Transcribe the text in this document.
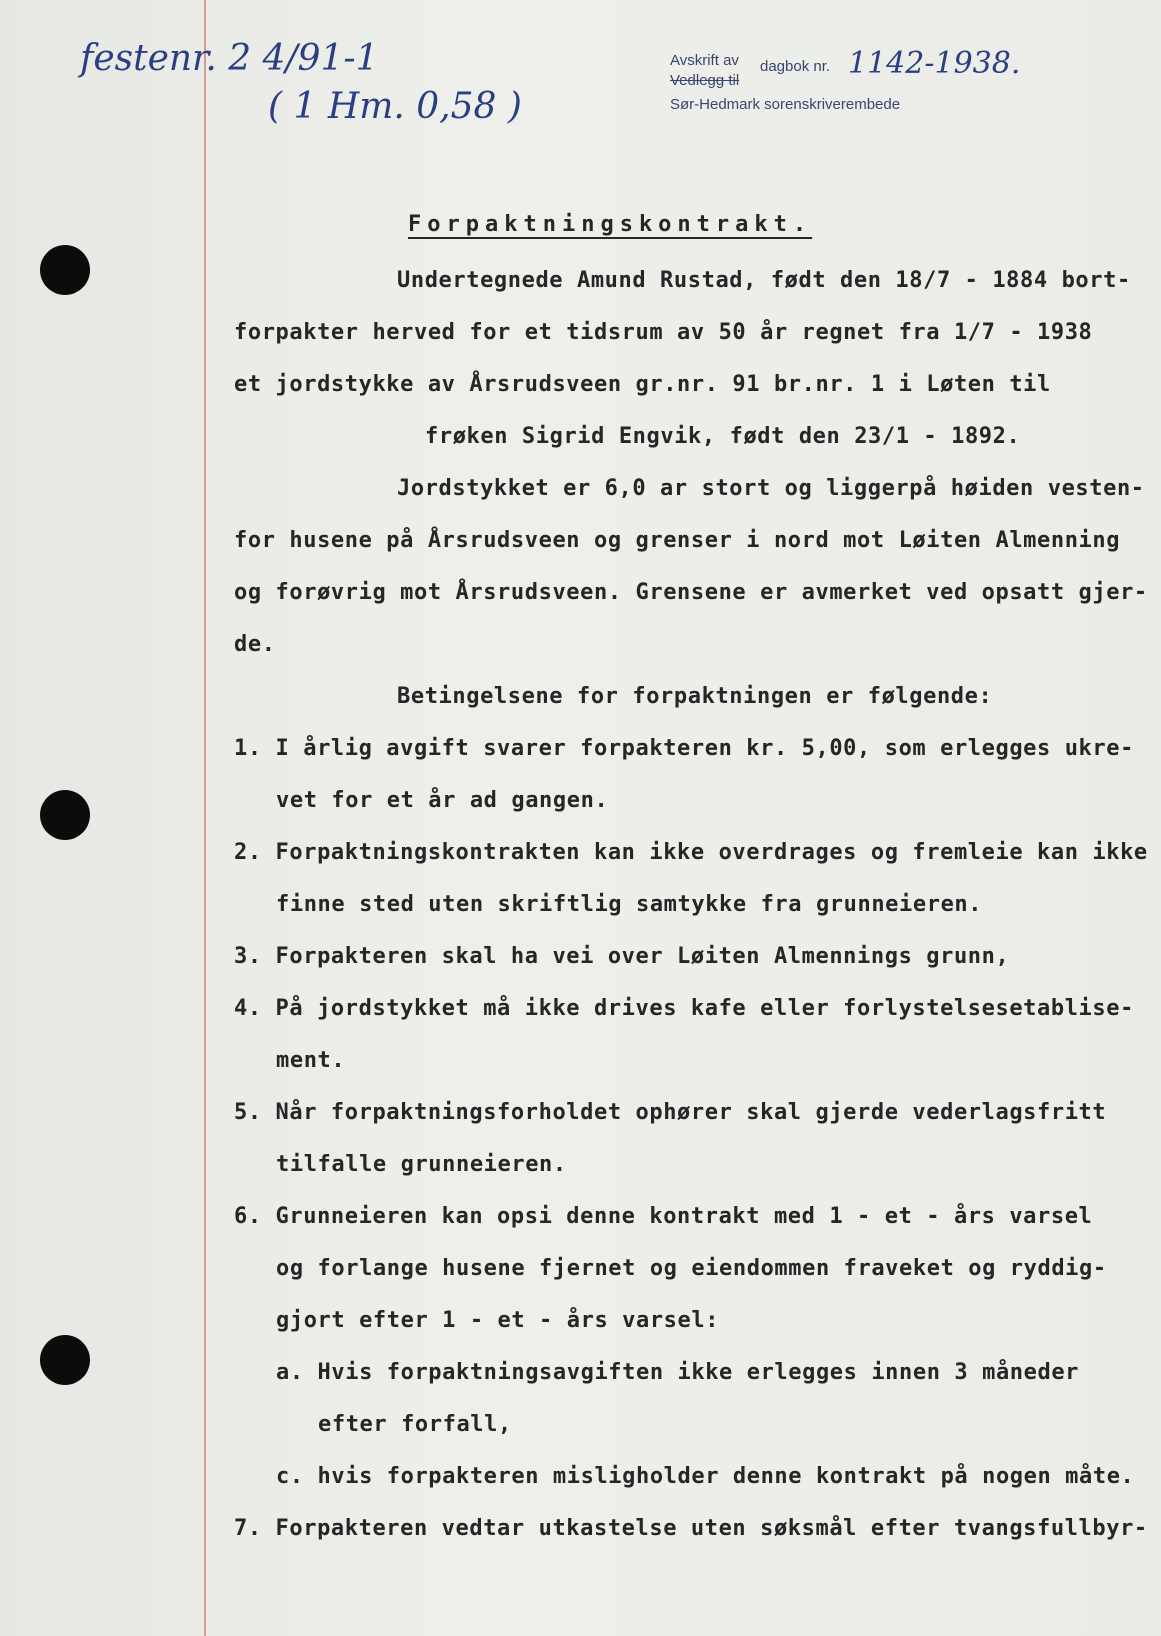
festenr. 2 4/91-1
( 1 Hm. 0,58 )
Avskrift av
Vedlegg til
dagbok nr. 1142-1938.
Sør-Hedmark sorenskriverembede
Forpaktningskontrakt.
Undertegnede Amund Rustad, født den 18/7 - 1884 bort-
forpakter herved for et tidsrum av 50 år regnet fra 1/7 - 1938
et jordstykke av Årsrudsveen gr.nr. 91 br.nr. 1 i Løten til
frøken Sigrid Engvik, født den 23/1 - 1892.
Jordstykket er 6,0 ar stort og liggerpå høiden vesten-
for husene på Årsrudsveen og grenser i nord mot Løiten Almenning
og forøvrig mot Årsrudsveen. Grensene er avmerket ved opsatt gjer-
de.
Betingelsene for forpaktningen er følgende:
1. I årlig avgift svarer forpakteren kr. 5,00, som erlegges ukre-
vet for et år ad gangen.
2. Forpaktningskontrakten kan ikke overdrages og fremleie kan ikke
finne sted uten skriftlig samtykke fra grunneieren.
3. Forpakteren skal ha vei over Løiten Almennings grunn,
4. På jordstykket må ikke drives kafe eller forlystelsesetablise-
ment.
5. Når forpaktningsforholdet ophører skal gjerde vederlagsfritt
tilfalle grunneieren.
6. Grunneieren kan opsi denne kontrakt med 1 - et - års varsel
og forlange husene fjernet og eiendommen fraveket og ryddig-
gjort efter 1 - et - års varsel:
a. Hvis forpaktningsavgiften ikke erlegges innen 3 måneder
efter forfall,
c. hvis forpakteren misligholder denne kontrakt på nogen måte.
7. Forpakteren vedtar utkastelse uten søksmål efter tvangsfullbyr-
